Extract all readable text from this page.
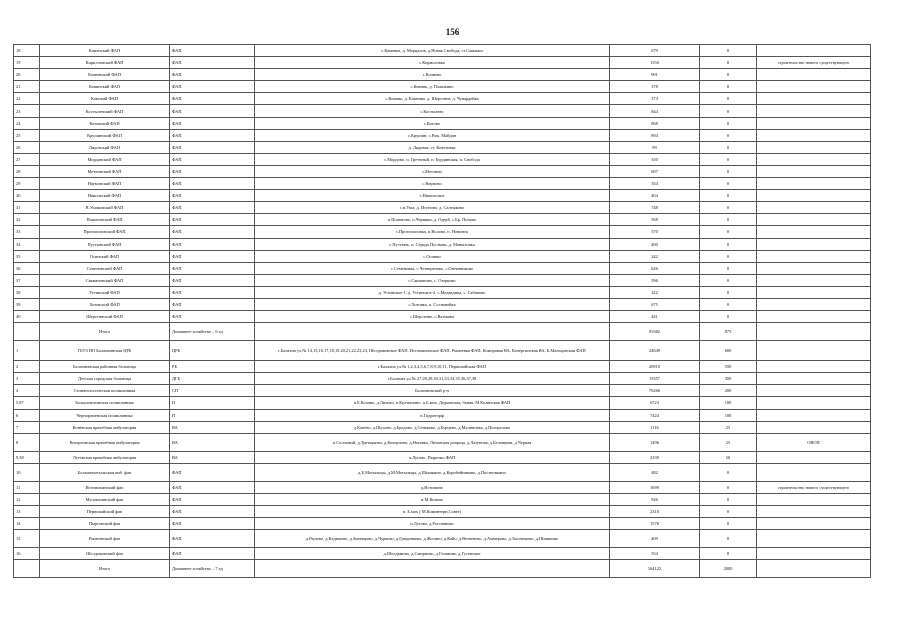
156
18	Каменский ФАП	ФАП	с.Каменка, д. Мерцалов, д.Новая Свобода, ст.Сапьяжи	679	0	
19	Кирилловский ФАП	ФАП	с.Кирилловка	1350	0	строительство нового существующего
20	Кочневский ФАП	ФАП	с.Кочнево	901	0	
21	Ковинский ФАП	ФАП	с.Ковинь, д. Плашкино	378	0	
22	Комский ФАП	ФАП	с.Комань, д. Каменка, д. Шерстнев, д. Чувардейка	374	0	
23	Костылевский ФАП	ФАП	с.Костылево	844	0	
24	Котовский ФАП	ФАП	с.Котово	868	0	
25	Крушинский ФАП	ФАП	с.Крушин, с.Рож. Майдан	894	0	
26	Лядовский ФАП	ФАП	д. Лядовка, ст. Кочетовка	99	0	
27	Мордовский ФАП	ФАП	с.Мордово, п. Гретчный, п. Бурдинская, п. Свобода	350	0	
28	Метлинский ФАП	ФАП	с.Метлино	607	0	
29	Наумовский ФАП	ФАП	с.Наумово	354	0	
30	Никольский ФАП	ФАП	с.Никольское	404	0	
31	В.Ушаковский ФАП	ФАП	с.в.Уша, д. Исуново, д. Салтыково	748	0	
32	Пошатовский ФАП	ФАП	п.Пошатово, п.Черняки, д. Одерб, с.Бр. Попово	568	0	
33	Протопоповский ФАП	ФАП	с.Протопоповка, п.Волово, п. Новинск	570	0	
34	Пустынский ФАП	ФАП	с.Пустынь, п. Страда Пустынь, д. Маныловка	400	0	
35	Осинский ФАП	ФАП	с.Осинки	242	0	
36	Семеновский ФАП	ФАП	с.Семеновка, с.Четвертново, с.Овсянниково	626	0	
37	Сакмановский ФАП	ФАП	с.Сакманово, с. Озерково	596	0	
38	Устинский ФАП	ФАП	д. Устинскоe-1, д. Устинское-2, с.Медведица, с. Сабаново	322	0	
39	Хотовский ФАП	ФАП	с.Хотовка, п. Сосновейка	675	0	
40	Шерстинский ФАП	ФАП	с.Шерстино, с.Ватманы	441	0	
	Итого	Домашнее хозяйство – 6 ед		85382	875	
1	ГБУЗ НО Балахнинская ЦРБ	ЦРБ	г.Балахна ул.№ 14,15,16,17,18,19,20,21,22,23,24, Шелдыковское ФАП, Истомихинское ФАП, Рымеевка ФАП, Коморовая ВА, Кочергинская ВА, Б.Мальцовская ФАП	24649	600	
2	Балахнинская районная больница	РБ	г.Балахна ул.№ 1,2,3,4,5,6,7,8,9,10,11, Первомайская ФАП	20910	550	
3	Детская городская больница	ДГБ	г.Балахна ул.№ 27,28,29,30,31,33,34,35,36,37,38	15357	350	
4	Стоматологическая поликлиника	СП	Балахнинский р-н	76266	200	
5,87	Большекозинская поликлиника	П	п.Б.Козино, д.Лихово, п.Колтыпино, п.Б.мох, Дедковская, бывш. М.Козинская ФАП	6723	100	
6	Чернораменская поликлиника	П	п.Гидроторф	7424	100	
7	Конёвская врачебная амбулатория	ВА	д.Конёво, д.Шухово, д.Бредово, д.Сеньково, д.Бурцево, д.Малиновка, д.Погорелово	1116	25	
8	Кочергинская врачебная амбулатория	ВА	п.Сосновый, д.Третьяковo, д.Кочергино, д.Нагавка, Литовская рощица, д.Лазунова, д.Беловцевa, д.Черная	1496	25	ОВОП
9,38	Луговская врачебная амбулатория	ВА	п.Лугово, Пыргомо ФАП	2339	50	
10	Большемотыльская амб. фап	ФАП	д.Б.Мотыльцы, д.М.Мотыльцы, д.Шишкино, д.Коробейниково, д.Постновкино	482	0	
11	Истомихинский фап	ФАП	д.Истомино	1699	0	строительство нового существующего
12	Малоказинский фап	ФАП	п.М.Козино	926	0	
13	Первомайский фап	ФАП	п. Б.мох ( М.Коминтерн,Совет)	2310	0	
14	Пырговский фап	ФАП	п.Лугово, д.Рогозиновo	1578	0	
15	Рымеевский фап	ФАП	д.Рылово, д.Кадюково, д.Змеевцово, д.Чурково, д.Гридинково, д.Жосинo, д.Кайо, д.Ветвенево, д.Аммерово, д.Тысевеково, д.Шишкино	409	0	
16	Шелдыковский фап	ФАП	д.Шелдыково, д.Смирновo, д.Гелявово, д.Гусевские	554	0	
	Итого	Домашнее хозяйство – 7 ед		164122	2000	
